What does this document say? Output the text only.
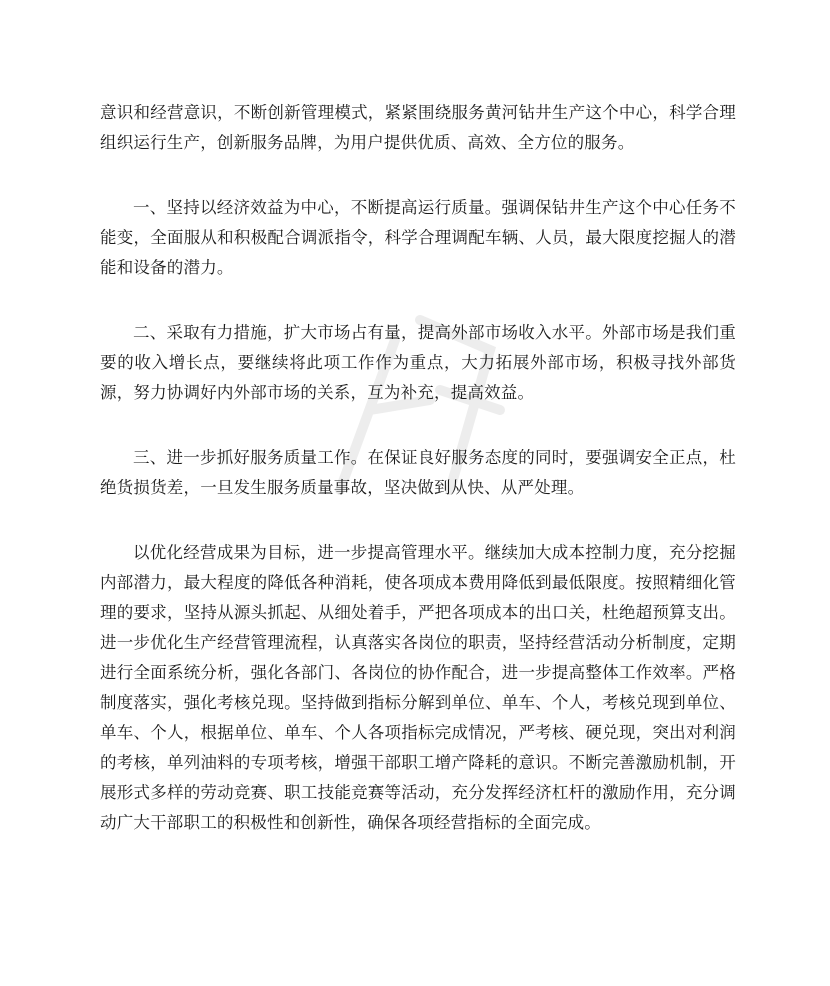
意识和经营意识，不断创新管理模式，紧紧围绕服务黄河钻井生产这个中心，科学合理组织运行生产，创新服务品牌，为用户提供优质、高效、全方位的服务。

一、坚持以经济效益为中心，不断提高运行质量。强调保钻井生产这个中心任务不能变，全面服从和积极配合调派指令，科学合理调配车辆、人员，最大限度挖掘人的潜能和设备的潜力。

二、采取有力措施，扩大市场占有量，提高外部市场收入水平。外部市场是我们重要的收入增长点，要继续将此项工作作为重点，大力拓展外部市场，积极寻找外部货源，努力协调好内外部市场的关系，互为补充，提高效益。

三、进一步抓好服务质量工作。在保证良好服务态度的同时，要强调安全正点，杜绝货损货差，一旦发生服务质量事故，坚决做到从快、从严处理。

以优化经营成果为目标，进一步提高管理水平。继续加大成本控制力度，充分挖掘内部潜力，最大程度的降低各种消耗，使各项成本费用降低到最低限度。按照精细化管理的要求，坚持从源头抓起、从细处着手，严把各项成本的出口关，杜绝超预算支出。进一步优化生产经营管理流程，认真落实各岗位的职责，坚持经营活动分析制度，定期进行全面系统分析，强化各部门、各岗位的协作配合，进一步提高整体工作效率。严格制度落实，强化考核兑现。坚持做到指标分解到单位、单车、个人，考核兑现到单位、单车、个人，根据单位、单车、个人各项指标完成情况，严考核、硬兑现，突出对利润的考核，单列油料的专项考核，增强干部职工增产降耗的意识。不断完善激励机制，开展形式多样的劳动竞赛、职工技能竞赛等活动，充分发挥经济杠杆的激励作用，充分调动广大干部职工的积极性和创新性，确保各项经营指标的全面完成。
